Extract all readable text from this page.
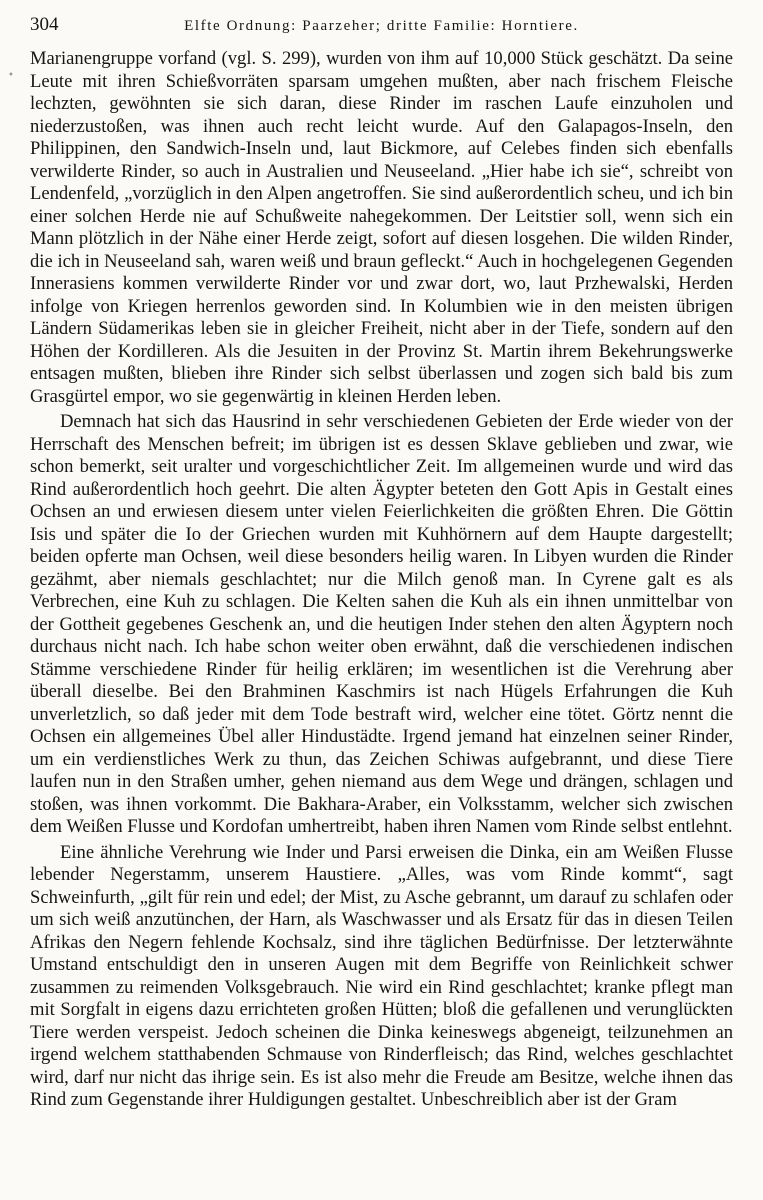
•
304	Elfte Ordnung: Paarzeher; dritte Familie: Horntiere.

Marianengruppe vorfand (vgl. S. 299), wurden von ihm auf 10,000 Stück geschätzt. Da seine Leute mit ihren Schießvorräten sparsam umgehen mußten, aber nach frischem Fleische lechzten, gewöhnten sie sich daran, diese Rinder im raschen Laufe einzuholen und niederzustoßen, was ihnen auch recht leicht wurde. Auf den Galapagos-Inseln, den Philippinen, den Sandwich-Inseln und, laut Bickmore, auf Celebes finden sich ebenfalls verwilderte Rinder, so auch in Australien und Neuseeland. „Hier habe ich sie“, schreibt von Lendenfeld, „vorzüglich in den Alpen angetroffen. Sie sind außerordentlich scheu, und ich bin einer solchen Herde nie auf Schußweite nahegekommen. Der Leitstier soll, wenn sich ein Mann plötzlich in der Nähe einer Herde zeigt, sofort auf diesen losgehen. Die wilden Rinder, die ich in Neuseeland sah, waren weiß und braun gefleckt.“ Auch in hochgelegenen Gegenden Innerasiens kommen verwilderte Rinder vor und zwar dort, wo, laut Przhewalski, Herden infolge von Kriegen herrenlos geworden sind. In Kolumbien wie in den meisten übrigen Ländern Südamerikas leben sie in gleicher Freiheit, nicht aber in der Tiefe, sondern auf den Höhen der Kordilleren. Als die Jesuiten in der Provinz St. Martin ihrem Bekehrungswerke entsagen mußten, blieben ihre Rinder sich selbst überlassen und zogen sich bald bis zum Grasgürtel empor, wo sie gegenwärtig in kleinen Herden leben.

Demnach hat sich das Hausrind in sehr verschiedenen Gebieten der Erde wieder von der Herrschaft des Menschen befreit; im übrigen ist es dessen Sklave geblieben und zwar, wie schon bemerkt, seit uralter und vorgeschichtlicher Zeit. Im allgemeinen wurde und wird das Rind außerordentlich hoch geehrt. Die alten Ägypter beteten den Gott Apis in Gestalt eines Ochsen an und erwiesen diesem unter vielen Feierlichkeiten die größten Ehren. Die Göttin Isis und später die Io der Griechen wurden mit Kuhhörnern auf dem Haupte dargestellt; beiden opferte man Ochsen, weil diese besonders heilig waren. In Libyen wurden die Rinder gezähmt, aber niemals geschlachtet; nur die Milch genoß man. In Cyrene galt es als Verbrechen, eine Kuh zu schlagen. Die Kelten sahen die Kuh als ein ihnen unmittelbar von der Gottheit gegebenes Geschenk an, und die heutigen Inder stehen den alten Ägyptern noch durchaus nicht nach. Ich habe schon weiter oben erwähnt, daß die verschiedenen indischen Stämme verschiedene Rinder für heilig erklären; im wesentlichen ist die Verehrung aber überall dieselbe. Bei den Brahminen Kaschmirs ist nach Hügels Erfahrungen die Kuh unverletzlich, so daß jeder mit dem Tode bestraft wird, welcher eine tötet. Görtz nennt die Ochsen ein allgemeines Übel aller Hindustädte. Irgend jemand hat einzelnen seiner Rinder, um ein verdienstliches Werk zu thun, das Zeichen Schiwas aufgebrannt, und diese Tiere laufen nun in den Straßen umher, gehen niemand aus dem Wege und drängen, schlagen und stoßen, was ihnen vorkommt. Die Bakhara-Araber, ein Volksstamm, welcher sich zwischen dem Weißen Flusse und Kordofan umhertreibt, haben ihren Namen vom Rinde selbst entlehnt.

Eine ähnliche Verehrung wie Inder und Parsi erweisen die Dinka, ein am Weißen Flusse lebender Negerstamm, unserem Haustiere. „Alles, was vom Rinde kommt“, sagt Schweinfurth, „gilt für rein und edel; der Mist, zu Asche gebrannt, um darauf zu schlafen oder um sich weiß anzutünchen, der Harn, als Waschwasser und als Ersatz für das in diesen Teilen Afrikas den Negern fehlende Kochsalz, sind ihre täglichen Bedürfnisse. Der letzterwähnte Umstand entschuldigt den in unseren Augen mit dem Begriffe von Reinlichkeit schwer zusammen zu reimenden Volksgebrauch. Nie wird ein Rind geschlachtet; kranke pflegt man mit Sorgfalt in eigens dazu errichteten großen Hütten; bloß die gefallenen und verunglückten Tiere werden verspeist. Jedoch scheinen die Dinka keineswegs abgeneigt, teilzunehmen an irgend welchem statthabenden Schmause von Rinderfleisch; das Rind, welches geschlachtet wird, darf nur nicht das ihrige sein. Es ist also mehr die Freude am Besitze, welche ihnen das Rind zum Gegenstande ihrer Huldigungen gestaltet. Unbeschreiblich aber ist der Gram
